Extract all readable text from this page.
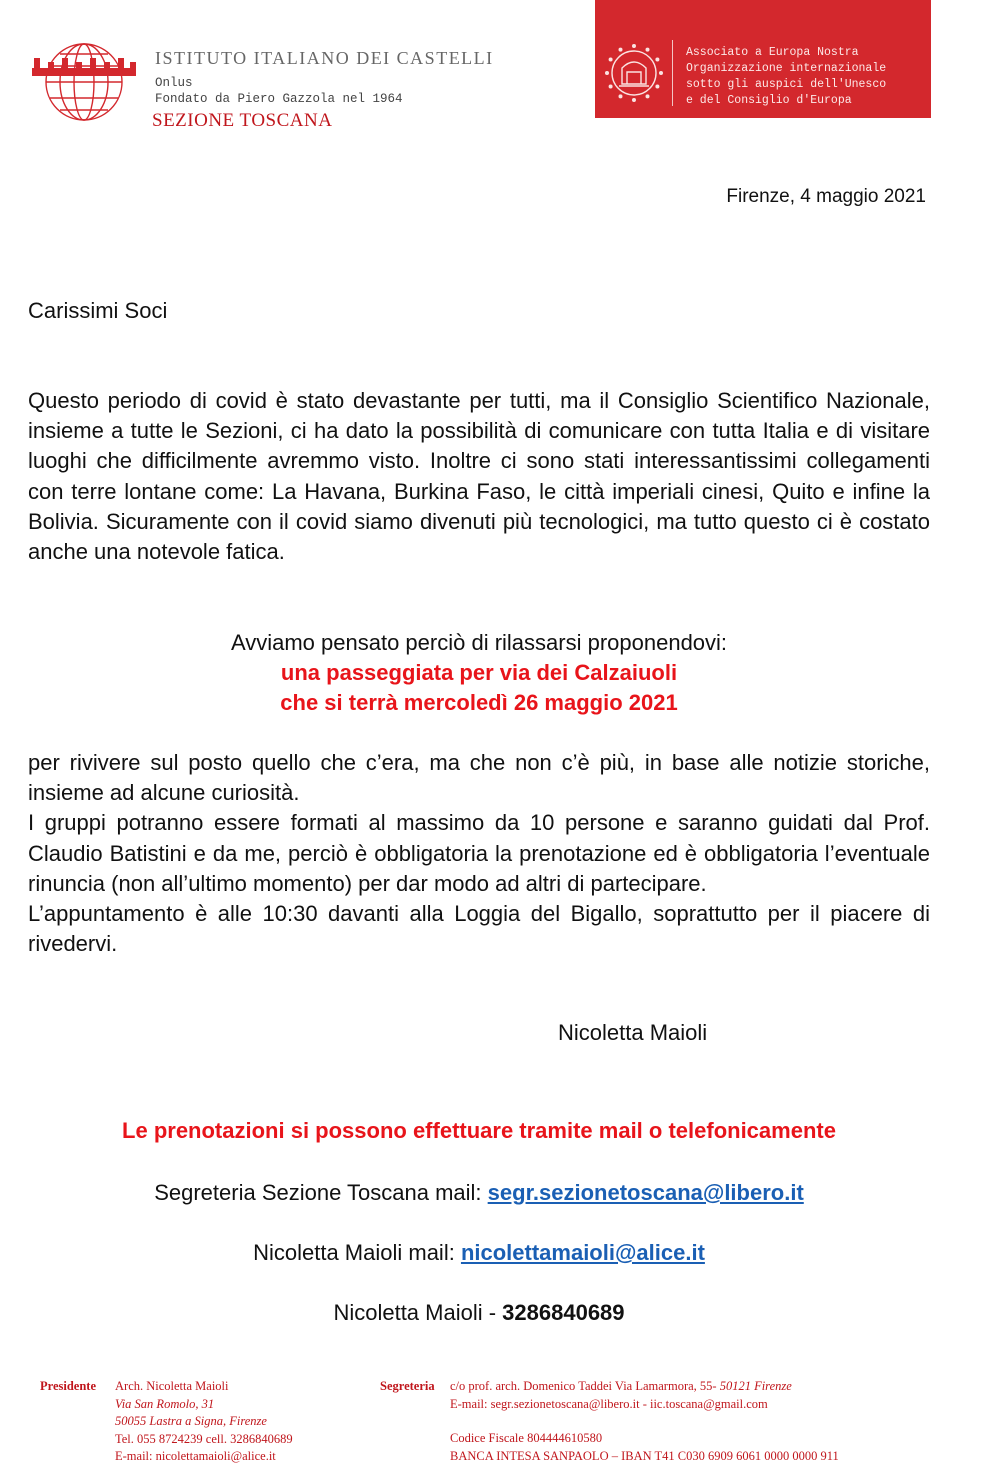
ISTITUTO ITALIANO DEI CASTELLI
Onlus
Fondato da Piero Gazzola nel 1964
SEZIONE TOSCANA
Associato a Europa Nostra
Organizzazione internazionale
sotto gli auspici dell'Unesco
e del Consiglio d'Europa
Firenze, 4 maggio 2021
Carissimi Soci
Questo periodo di covid è stato devastante per tutti, ma il Consiglio Scientifico Nazionale, insieme a tutte le Sezioni, ci ha dato la possibilità di comunicare con tutta Italia e di visitare luoghi che difficilmente avremmo visto. Inoltre ci sono stati interessantissimi collegamenti con terre lontane come: La Havana, Burkina Faso, le città imperiali cinesi, Quito e infine la Bolivia. Sicuramente con il covid siamo divenuti più tecnologici, ma tutto questo ci è costato anche una notevole fatica.
Avviamo pensato perciò di rilassarsi proponendovi:
una passeggiata per via dei Calzaiuoli
che si terrà mercoledì 26 maggio 2021
per rivivere sul posto quello che c’era, ma che non c’è più, in base alle notizie storiche, insieme ad alcune curiosità.
I gruppi potranno essere formati al massimo da 10 persone e saranno guidati dal Prof. Claudio Batistini e da me, perciò è obbligatoria la prenotazione ed è obbligatoria l’eventuale rinuncia (non all’ultimo momento) per dar modo ad altri di partecipare.
L’appuntamento è alle 10:30 davanti alla Loggia del Bigallo, soprattutto per il piacere di rivedervi.
Nicoletta Maioli
Le prenotazioni si possono effettuare tramite mail o telefonicamente
Segreteria Sezione Toscana mail: segr.sezionetoscana@libero.it
Nicoletta Maioli mail: nicolettamaioli@alice.it
Nicoletta Maioli - 3286840689
Presidente Arch. Nicoletta Maioli
Via San Romolo, 31
50055 Lastra a Signa, Firenze
Tel. 055 8724239 cell. 3286840689
E-mail: nicolettamaioli@alice.it
Segreteria c/o prof. arch. Domenico Taddei Via Lamarmora, 55- 50121 Firenze
E-mail: segr.sezionetoscana@libero.it - iic.toscana@gmail.com
Codice Fiscale 804444610580
BANCA INTESA SANPAOLO – IBAN T41 C030 6909 6061 0000 0000 911
